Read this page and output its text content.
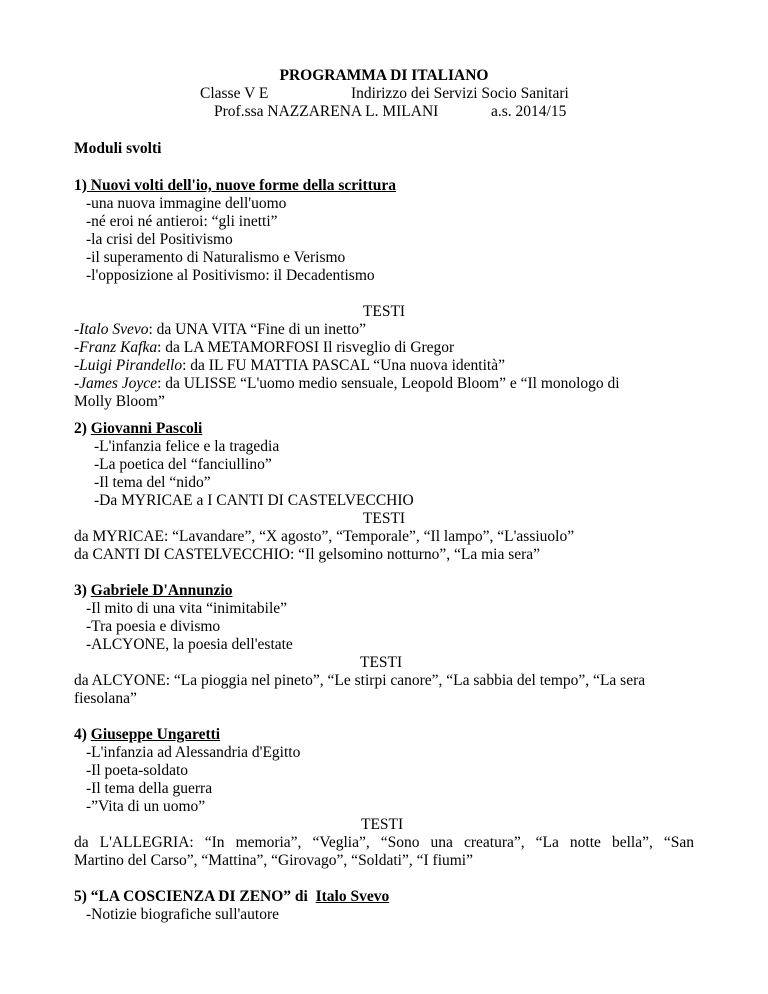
PROGRAMMA DI ITALIANO
Classe V E	Indirizzo dei Servizi Socio Sanitari
Prof.ssa NAZZARENA L. MILANI	a.s. 2014/15
Moduli svolti
1) Nuovi volti dell'io, nuove forme della scrittura
-una nuova immagine dell'uomo
-né eroi né antieroi: “gli inetti”
-la crisi del Positivismo
-il superamento di Naturalismo e Verismo
-l'opposizione al Positivismo: il Decadentismo
TESTI
-Italo Svevo: da UNA VITA “Fine di un inetto”
-Franz Kafka: da LA METAMORFOSI Il risveglio di Gregor
-Luigi Pirandello: da IL FU MATTIA PASCAL “Una nuova identità”
-James Joyce: da ULISSE “L'uomo medio sensuale, Leopold Bloom” e “Il monologo di
Molly Bloom”
2) Giovanni Pascoli
-L'infanzia felice e la tragedia
-La poetica del “fanciullino”
-Il tema del “nido”
-Da MYRICAE a I CANTI DI CASTELVECCHIO
TESTI
da MYRICAE: “Lavandare”, “X agosto”, “Temporale”, “Il lampo”, “L'assiuolo”
da CANTI DI CASTELVECCHIO: “Il gelsomino notturno”, “La mia sera”
3) Gabriele D'Annunzio
-Il mito di una vita “inimitabile”
-Tra poesia e divismo
-ALCYONE, la poesia dell'estate
TESTI
da ALCYONE: “La pioggia nel pineto”, “Le stirpi canore”, “La sabbia del tempo”, “La sera
fiesolana”
4) Giuseppe Ungaretti
-L'infanzia ad Alessandria d'Egitto
-Il poeta-soldato
-Il tema della guerra
-”Vita di un uomo”
TESTI
da L'ALLEGRIA: “In memoria”, “Veglia”, “Sono una creatura”, “La notte bella”, “San
Martino del Carso”, “Mattina”, “Girovago”, “Soldati”, “I fiumi”
5) “LA COSCIENZA DI ZENO” di Italo Svevo
-Notizie biografiche sull'autore
